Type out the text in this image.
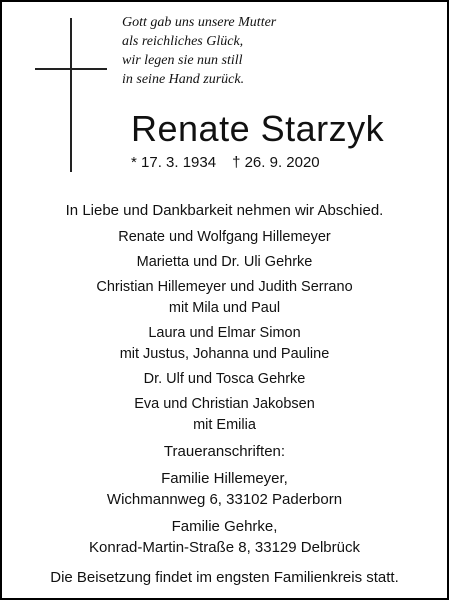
Gott gab uns unsere Mutter
als reichliches Glück,
wir legen sie nun still
in seine Hand zurück.
Renate Starzyk
* 17. 3. 1934 † 26. 9. 2020
In Liebe und Dankbarkeit nehmen wir Abschied.
Renate und Wolfgang Hillemeyer
Marietta und Dr. Uli Gehrke
Christian Hillemeyer und Judith Serrano
mit Mila und Paul
Laura und Elmar Simon
mit Justus, Johanna und Pauline
Dr. Ulf und Tosca Gehrke
Eva und Christian Jakobsen
mit Emilia
Traueranschriften:
Familie Hillemeyer,
Wichmannweg 6, 33102 Paderborn
Familie Gehrke,
Konrad-Martin-Straße 8, 33129 Delbrück
Die Beisetzung findet im engsten Familienkreis statt.
